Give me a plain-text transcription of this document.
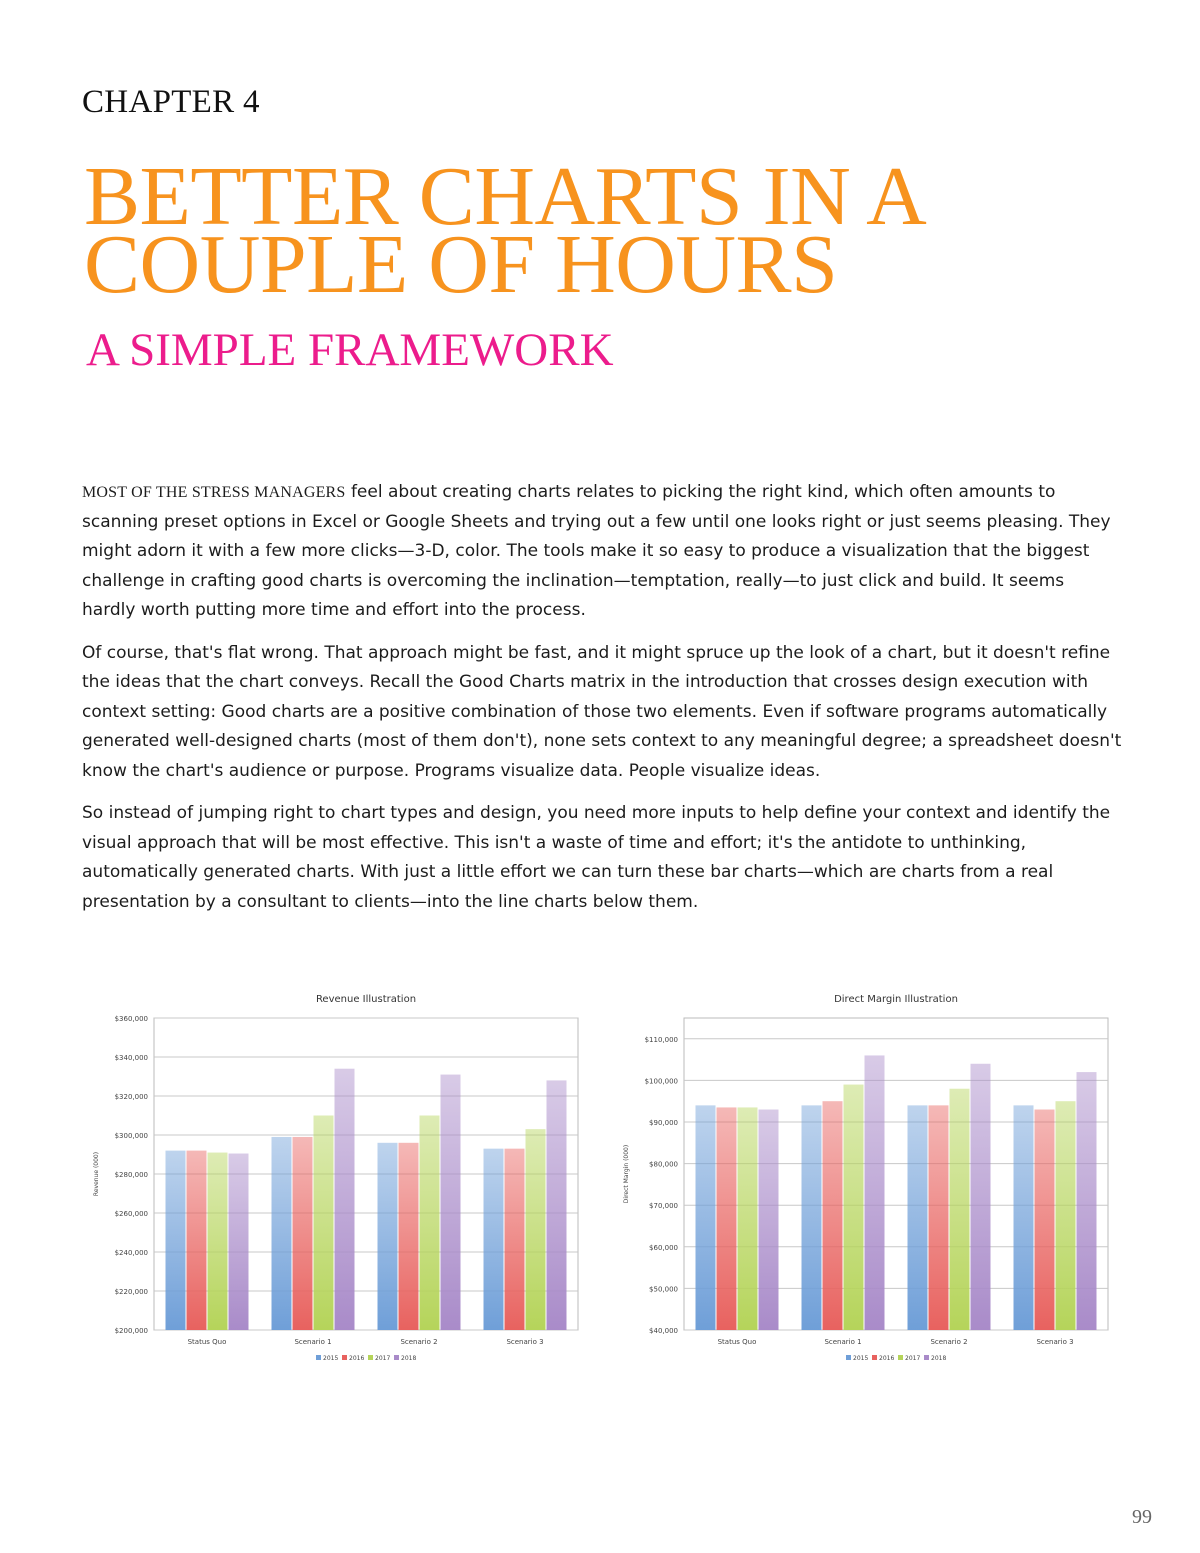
CHAPTER 4
BETTER CHARTS IN A
COUPLE OF HOURS
A SIMPLE FRAMEWORK

MOST OF THE STRESS MANAGERS feel about creating charts relates to picking the right kind, which often amounts to scanning preset options in Excel or Google Sheets and trying out a few until one looks right or just seems pleasing. They might adorn it with a few more clicks—3-D, color. The tools make it so easy to produce a visualization that the biggest challenge in crafting good charts is overcoming the inclination—temptation, really—to just click and build. It seems hardly worth putting more time and effort into the process.

Of course, that's flat wrong. That approach might be fast, and it might spruce up the look of a chart, but it doesn't refine the ideas that the chart conveys. Recall the Good Charts matrix in the introduction that crosses design execution with context setting: Good charts are a positive combination of those two elements. Even if software programs automatically generated well-designed charts (most of them don't), none sets context to any meaningful degree; a spreadsheet doesn't know the chart's audience or purpose. Programs visualize data. People visualize ideas.

So instead of jumping right to chart types and design, you need more inputs to help define your context and identify the visual approach that will be most effective. This isn't a waste of time and effort; it's the antidote to unthinking, automatically generated charts. With just a little effort we can turn these bar charts—which are charts from a real presentation by a consultant to clients—into the line charts below them.

Revenue Illustration
$200,000
$220,000
$240,000
$260,000
$280,000
$300,000
$320,000
$340,000
$360,000
Revenue (000)
Status Quo	Scenario 1	Scenario 2	Scenario 3
2015 2016 2017 2018
Direct Margin Illustration
$40,000
$50,000
$60,000
$70,000
$80,000
$90,000
$100,000
$110,000
Direct Margin (000)
Status Quo	Scenario 1	Scenario 2	Scenario 3
2015 2016 2017 2018
99
